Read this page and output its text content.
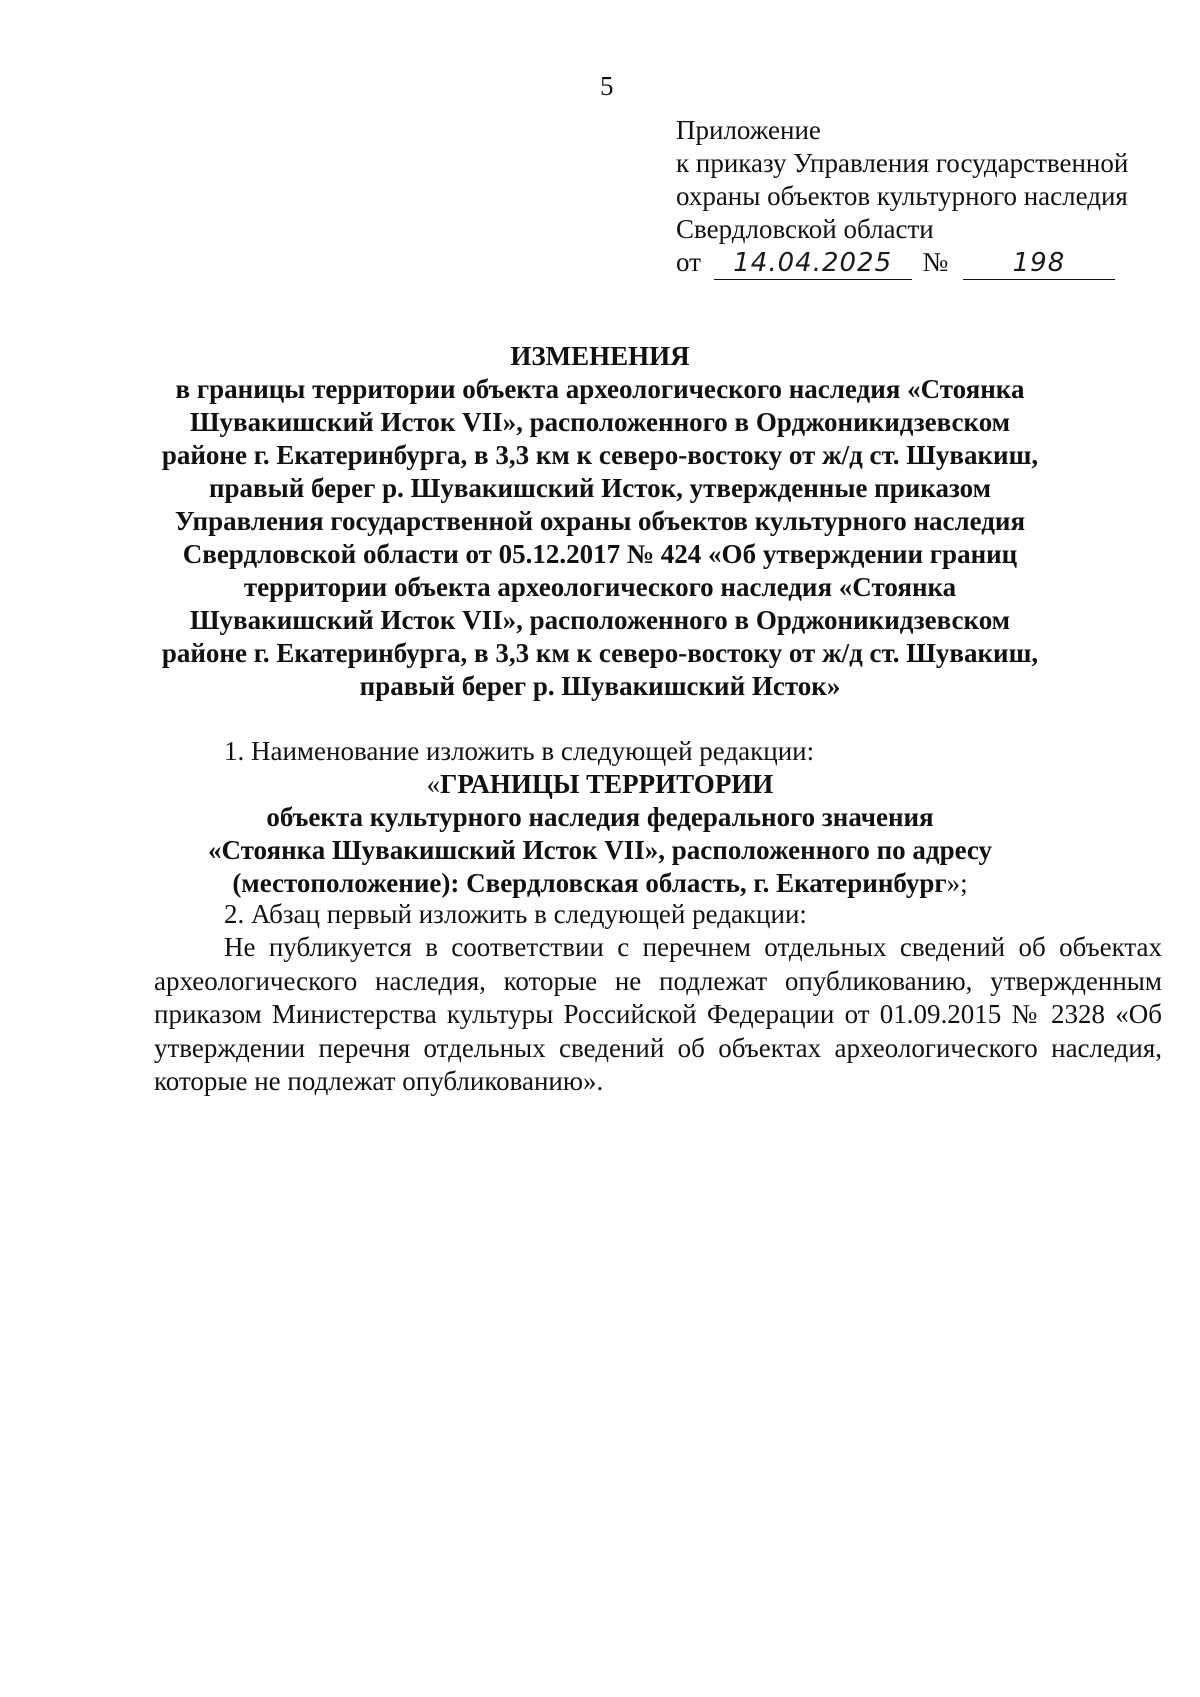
5
Приложение
к приказу Управления государственной
охраны объектов культурного наследия
Свердловской области
от 14.04.2025 № 198
ИЗМЕНЕНИЯ
в границы территории объекта археологического наследия «Стоянка Шувакишский Исток VII», расположенного в Орджоникидзевском районе г. Екатеринбурга, в 3,3 км к северо-востоку от ж/д ст. Шувакиш, правый берег р. Шувакишский Исток, утвержденные приказом Управления государственной охраны объектов культурного наследия Свердловской области от 05.12.2017 № 424 «Об утверждении границ территории объекта археологического наследия «Стоянка Шувакишский Исток VII», расположенного в Орджоникидзевском районе г. Екатеринбурга, в 3,3 км к северо-востоку от ж/д ст. Шувакиш, правый берег р. Шувакишский Исток»
1. Наименование изложить в следующей редакции:
«ГРАНИЦЫ ТЕРРИТОРИИ
объекта культурного наследия федерального значения
«Стоянка Шувакишский Исток VII», расположенного по адресу
(местоположение): Свердловская область, г. Екатеринбург»;
2. Абзац первый изложить в следующей редакции:
Не публикуется в соответствии с перечнем отдельных сведений об объектах археологического наследия, которые не подлежат опубликованию, утвержденным приказом Министерства культуры Российской Федерации от 01.09.2015 № 2328 «Об утверждении перечня отдельных сведений об объектах археологического наследия, которые не подлежат опубликованию».
